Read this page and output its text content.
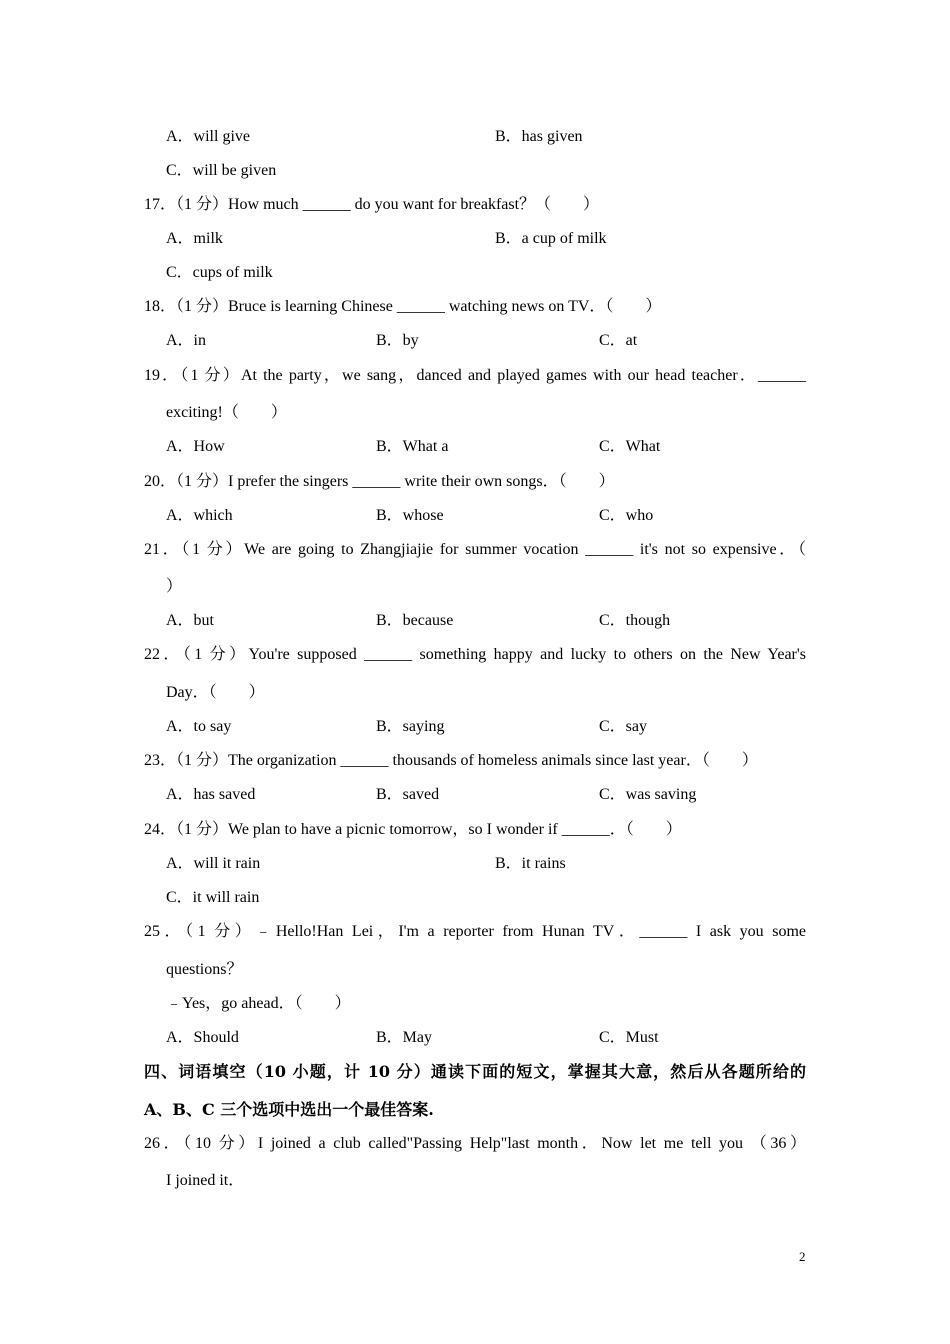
A．will give	B．has given
C．will be given
17．（1 分）How much ______ do you want for breakfast？（　　）
A．milk	B．a cup of milk
C．cups of milk
18．（1 分）Bruce is learning Chinese ______ watching news on TV．（　　）
A．in	B．by	C．at
19．（1 分）At the party，we sang，danced and played games with our head teacher．______
exciting!（　　）
A．How	B．What a	C．What
20．（1 分）I prefer the singers ______ write their own songs．（　　）
A．which	B．whose	C．who
21．（1 分）We are going to Zhangjiajie for summer vocation ______ it's not so expensive．（
）
A．but	B．because	C．though
22．（1 分）You're supposed ______ something happy and lucky to others on the New Year's
Day．（　　）
A．to say	B．saying	C．say
23．（1 分）The organization ______ thousands of homeless animals since last year．（　　）
A．has saved	B．saved	C．was saving
24．（1 分）We plan to have a picnic tomorrow，so I wonder if ______．（　　）
A．will it rain	B．it rains
C．it will rain
25．（1 分）﹣Hello!Han Lei，I'm a reporter from Hunan TV．______ I ask you some
questions？
﹣Yes，go ahead．（　　）
A．Should	B．May	C．Must
四、词语填空（10 小题，计 10 分）通读下面的短文，掌握其大意，然后从各题所给的
A、B、C 三个选项中选出一个最佳答案.
26．（10 分）I joined a club called"Passing Help"last month．Now let me tell you （36）
I joined it．
2
